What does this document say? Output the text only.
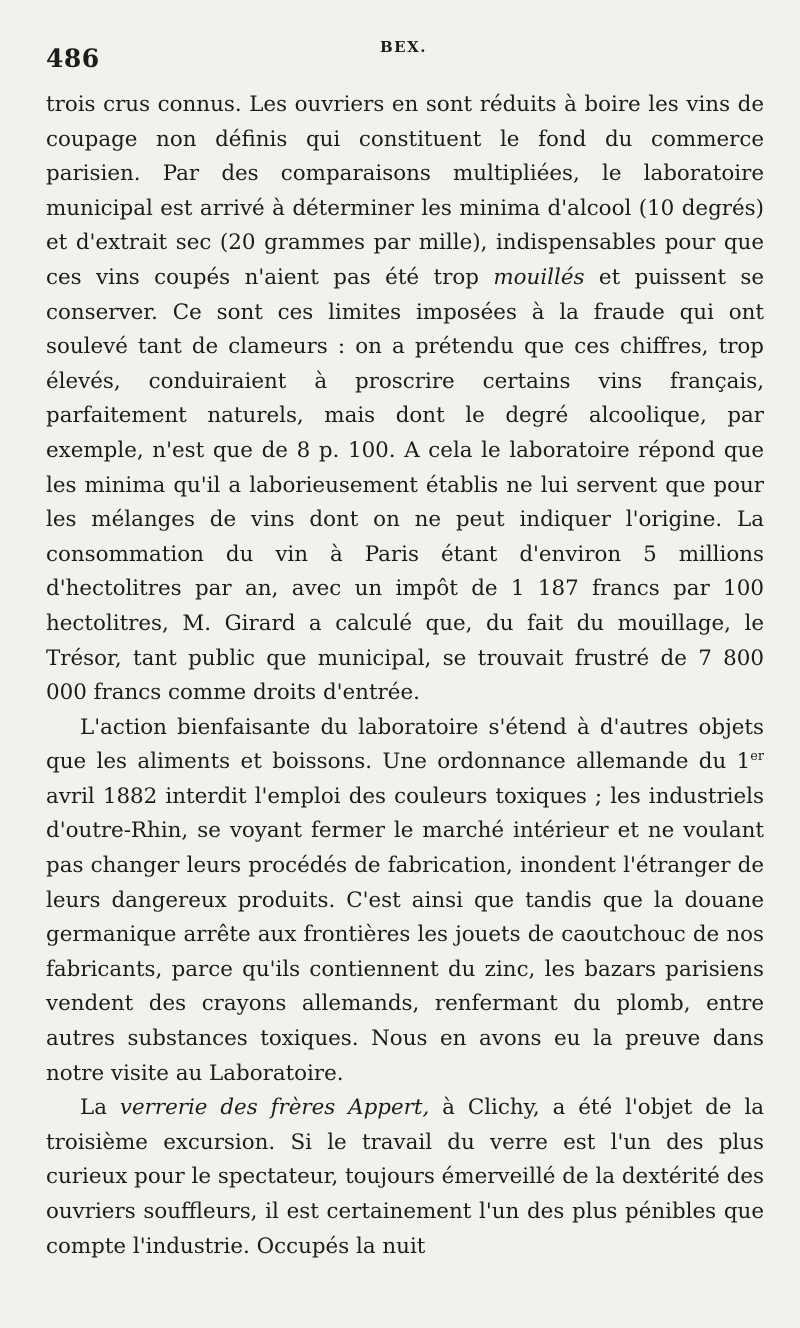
486	BEX.

trois crus connus. Les ouvriers en sont réduits à boire les vins de coupage non définis qui constituent le fond du commerce parisien. Par des comparaisons multipliées, le laboratoire municipal est arrivé à déterminer les minima d'alcool (10 degrés) et d'extrait sec (20 grammes par mille), indispensables pour que ces vins coupés n'aient pas été trop mouillés et puissent se conserver. Ce sont ces limites imposées à la fraude qui ont soulevé tant de clameurs : on a prétendu que ces chiffres, trop élevés, conduiraient à proscrire certains vins français, parfaitement naturels, mais dont le degré alcoolique, par exemple, n'est que de 8 p. 100. A cela le laboratoire répond que les minima qu'il a laborieusement établis ne lui servent que pour les mélanges de vins dont on ne peut indiquer l'origine. La consommation du vin à Paris étant d'environ 5 millions d'hectolitres par an, avec un impôt de 1 187 francs par 100 hectolitres, M. Girard a calculé que, du fait du mouillage, le Trésor, tant public que municipal, se trouvait frustré de 7 800 000 francs comme droits d'entrée.

L'action bienfaisante du laboratoire s'étend à d'autres objets que les aliments et boissons. Une ordonnance allemande du 1er avril 1882 interdit l'emploi des couleurs toxiques ; les industriels d'outre-Rhin, se voyant fermer le marché intérieur et ne voulant pas changer leurs procédés de fabrication, inondent l'étranger de leurs dangereux produits. C'est ainsi que tandis que la douane germanique arrête aux frontières les jouets de caoutchouc de nos fabricants, parce qu'ils contiennent du zinc, les bazars parisiens vendent des crayons allemands, renfermant du plomb, entre autres substances toxiques. Nous en avons eu la preuve dans notre visite au Laboratoire.

La verrerie des frères Appert, à Clichy, a été l'objet de la troisième excursion. Si le travail du verre est l'un des plus curieux pour le spectateur, toujours émerveillé de la dextérité des ouvriers souffleurs, il est certainement l'un des plus pénibles que compte l'industrie. Occupés la nuit
